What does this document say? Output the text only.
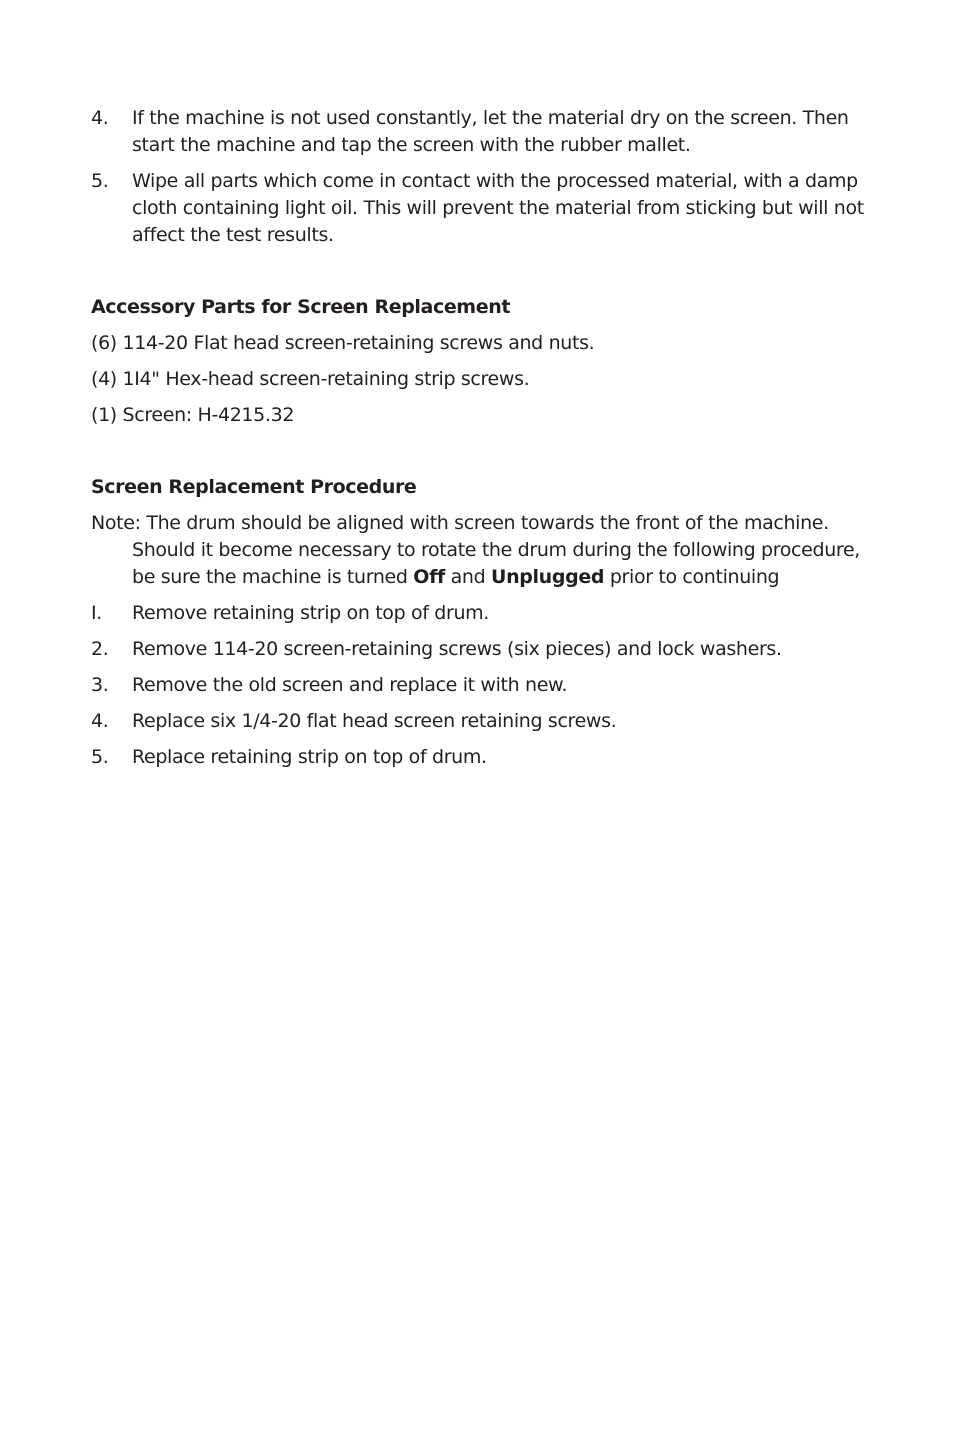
4. If the machine is not used constantly, let the material dry on the screen. Then start the machine and tap the screen with the rubber mallet.
5. Wipe all parts which come in contact with the processed material, with a damp cloth containing light oil. This will prevent the material from sticking but will not affect the test results.
Accessory Parts for Screen Replacement
(6) 114-20 Flat head screen-retaining screws and nuts.
(4) 1I4" Hex-head screen-retaining strip screws.
(1) Screen: H-4215.32
Screen Replacement Procedure
Note: The drum should be aligned with screen towards the front of the machine. Should it become necessary to rotate the drum during the following procedure, be sure the machine is turned Off and Unplugged prior to continuing
I. Remove retaining strip on top of drum.
2. Remove 114-20 screen-retaining screws (six pieces) and lock washers.
3. Remove the old screen and replace it with new.
4. Replace six 1/4-20 flat head screen retaining screws.
5. Replace retaining strip on top of drum.
